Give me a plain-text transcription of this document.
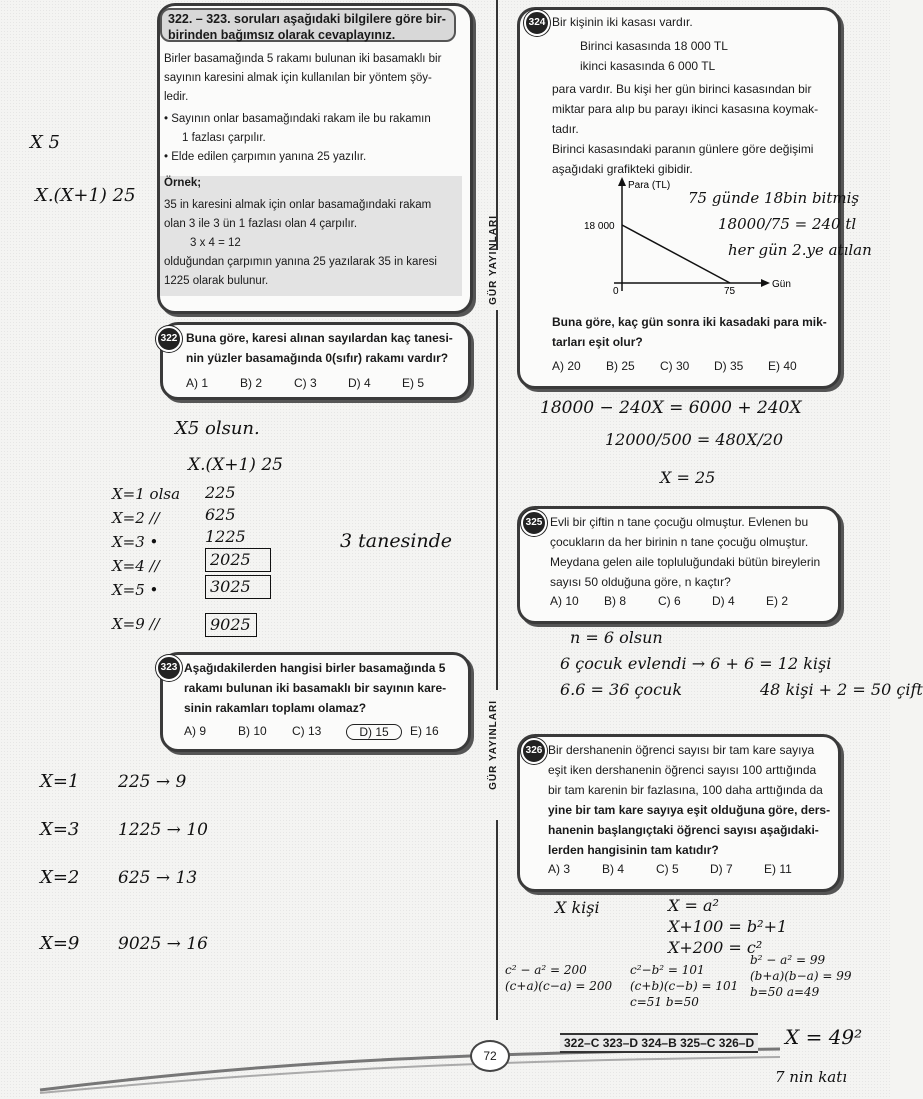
322. – 323. soruları aşağıdaki bilgilere göre bir-birinden bağımsız olarak cevaplayınız.
Birler basamağında 5 rakamı bulunan iki basamaklı bir
sayının karesini almak için kullanılan bir yöntem şöy-
ledir.
• Sayının onlar basamağındaki rakam ile bu rakamın
1 fazlası çarpılır.
• Elde edilen çarpımın yanına 25 yazılır.
Örnek;
35 in karesini almak için onlar basamağındaki rakam
olan 3 ile 3 ün 1 fazlası olan 4 çarpılır.
3 x 4 = 12
olduğundan çarpımın yanına 25 yazılarak 35 in karesi
1225 olarak bulunur.
322 Buna göre, karesi alınan sayılardan kaç tanesi-
nin yüzler basamağında 0(sıfır) rakamı vardır?
A) 1	B) 2	C) 3	D) 4	E) 5
323 Aşağıdakilerden hangisi birler basamağında 5
rakamı bulunan iki basamaklı bir sayının kare-
sinin rakamları toplamı olamaz?
A) 9	B) 10	C) 13	D) 15	E) 16
GÜR YAYINLARI
GÜR YAYINLARI
324 Bir kişinin iki kasası vardır.
Birinci kasasında 18 000 TL
ikinci kasasında 6 000 TL
para vardır. Bu kişi her gün birinci kasasından bir
miktar para alıp bu parayı ikinci kasasına koymak-
tadır.
Birinci kasasındaki paranın günlere göre değişimi
aşağıdaki grafikteki gibidir.
Para (TL)
Gün
18 000
0	75
Buna göre, kaç gün sonra iki kasadaki para mik-
tarları eşit olur?
A) 20	B) 25	C) 30	D) 35	E) 40
325 Evli bir çiftin n tane çocuğu olmuştur. Evlenen bu
çocukların da her birinin n tane çocuğu olmuştur.
Meydana gelen aile topluluğundaki bütün bireylerin
sayısı 50 olduğuna göre, n kaçtır?
A) 10	B) 8	C) 6	D) 4	E) 2
326 Bir dershanenin öğrenci sayısı bir tam kare sayıya
eşit iken dershanenin öğrenci sayısı 100 arttığında
bir tam karenin bir fazlasına, 100 daha arttığında da
yine bir tam kare sayıya eşit olduğuna göre, ders-
hanenin başlangıçtaki öğrenci sayısı aşağıdaki-
lerden hangisinin tam katıdır?
A) 3	B) 4	C) 5	D) 7	E) 11
X 5
X.(X+1) 25
X5 olsun.
X.(X+1) 25
X=1 olsa
X=2 //
X=3 •
X=4 //
X=5 •
X=9 //
225
625
1225
2025
3025
9025
3 tanesinde
X=1
X=3
X=2
X=9
225 → 9
1225 → 10
625 → 13
9025 → 16
75 günde 18bin bitmiş
18000/75 = 240 tl
her gün 2.ye atılan
18000 − 240X = 6000 + 240X
12000/500 = 480X/20
X = 25
n = 6 olsun
6 çocuk evlendi → 6 + 6 = 12 kişi
6.6 = 36 çocuk	48 kişi + 2 = 50 çift
X kişi	X = a²
X+100 = b²+1
X+200 = c²
c² − a² = 200
(c+a)(c−a) = 200
c²−b² = 101
(c+b)(c−b) = 101
c=51 b=50
b² − a² = 99
(b+a)(b−a) = 99
b=50 a=49
X = 49²
7 nin katı
72
322–C 323–D 324–B 325–C 326–D
